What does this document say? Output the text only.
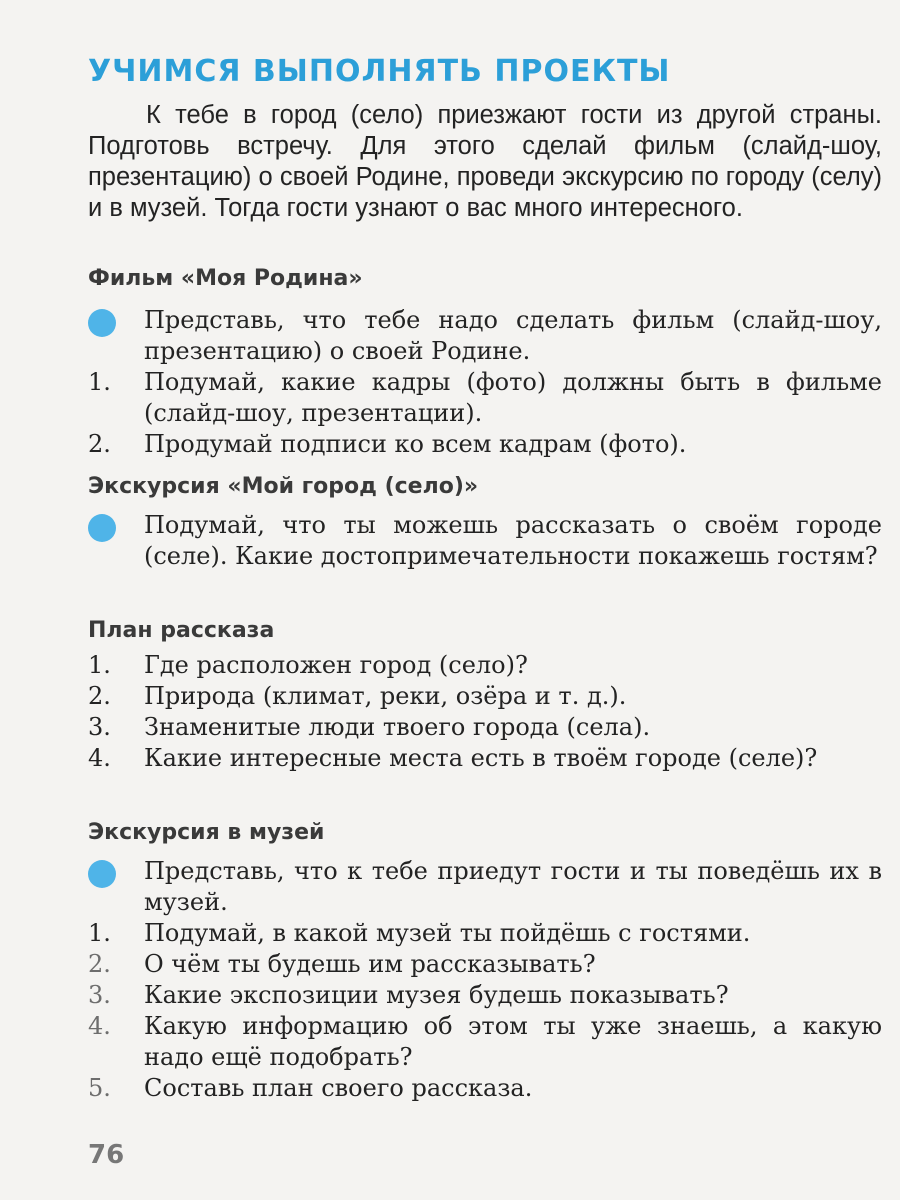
УЧИМСЯ ВЫПОЛНЯТЬ ПРОЕКТЫ

К тебе в город (село) приезжают гости из другой страны. Подготовь встречу. Для этого сделай фильм (слайд-шоу, презентацию) о своей Родине, проведи экскурсию по городу (селу) и в музей. Тогда гости узнают о вас много интересного.

Фильм «Моя Родина»
Представь, что тебе надо сделать фильм (слайд-шоу, презентацию) о своей Родине.
1. Подумай, какие кадры (фото) должны быть в фильме (слайд-шоу, презентации).
2. Продумай подписи ко всем кадрам (фото).
Экскурсия «Мой город (село)»
Подумай, что ты можешь рассказать о своём городе (селе). Какие достопримечательности покажешь гостям?
План рассказа
1. Где расположен город (село)?
2. Природа (климат, реки, озёра и т. д.).
3. Знаменитые люди твоего города (села).
4. Какие интересные места есть в твоём городе (селе)?
Экскурсия в музей
Представь, что к тебе приедут гости и ты поведёшь их в музей.
1. Подумай, в какой музей ты пойдёшь с гостями.
2. О чём ты будешь им рассказывать?
3. Какие экспозиции музея будешь показывать?
4. Какую информацию об этом ты уже знаешь, а какую надо ещё подобрать?
5. Составь план своего рассказа.
76
